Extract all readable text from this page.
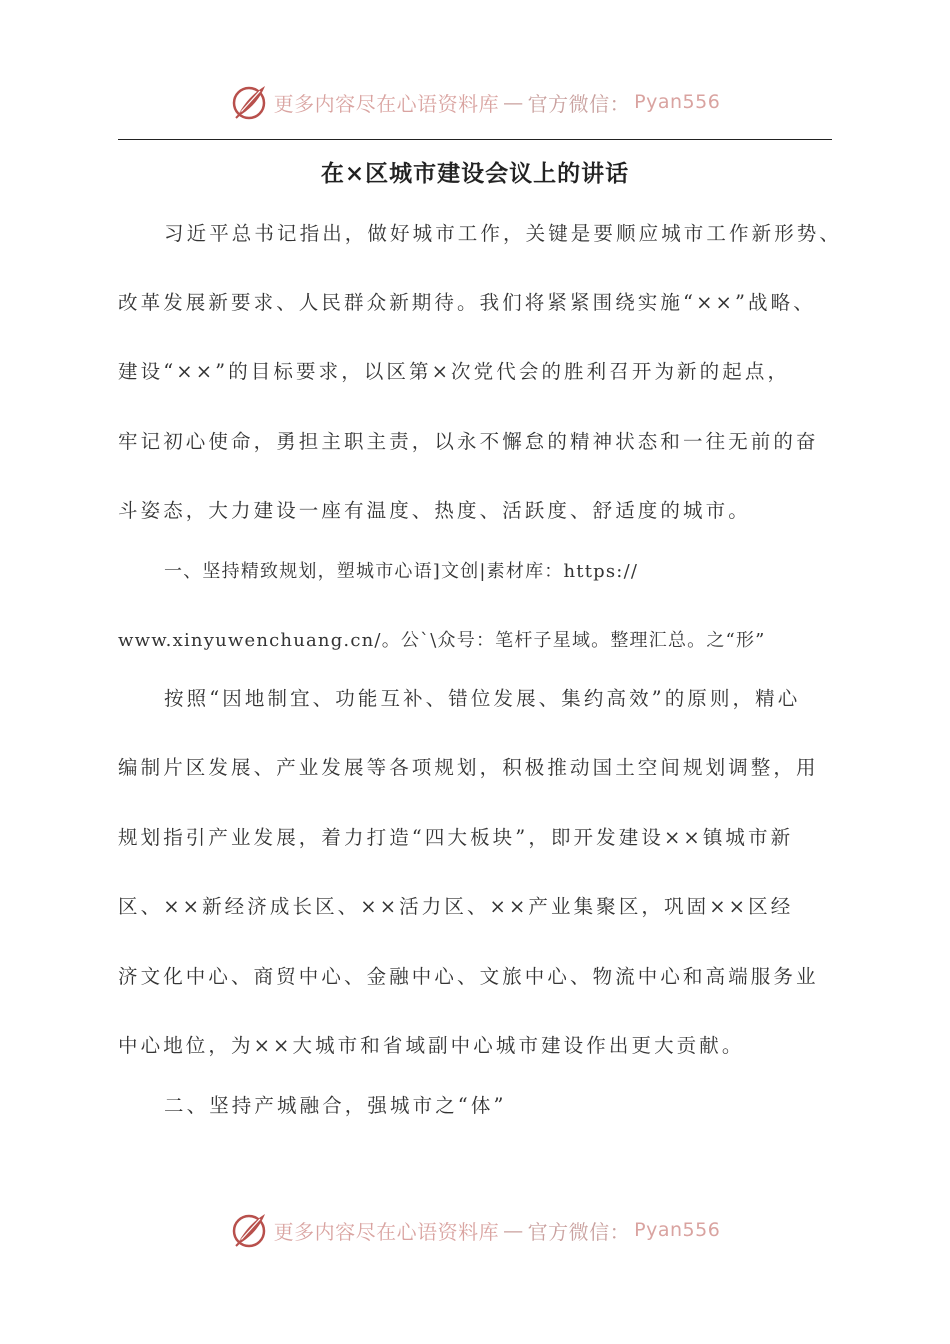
更多内容尽在心语资料库 — 官方微信： Pyan556
在×区城市建设会议上的讲话
习近平总书记指出，做好城市工作，关键是要顺应城市工作新形势、
改革发展新要求、人民群众新期待。我们将紧紧围绕实施“××”战略、
建设“××”的目标要求，以区第×次党代会的胜利召开为新的起点，
牢记初心使命，勇担主职主责，以永不懈怠的精神状态和一往无前的奋
斗姿态，大力建设一座有温度、热度、活跃度、舒适度的城市。
一、坚持精致规划，塑城市心语]文创|素材库：https://
www.xinyuwenchuang.cn/。公`\众号：笔杆子星域。整理汇总。之“形”
按照“因地制宜、功能互补、错位发展、集约高效”的原则，精心
编制片区发展、产业发展等各项规划，积极推动国土空间规划调整，用
规划指引产业发展，着力打造“四大板块”，即开发建设××镇城市新
区、××新经济成长区、××活力区、××产业集聚区，巩固××区经
济文化中心、商贸中心、金融中心、文旅中心、物流中心和高端服务业
中心地位，为××大城市和省域副中心城市建设作出更大贡献。
二、坚持产城融合，强城市之“体”
更多内容尽在心语资料库 — 官方微信： Pyan556
